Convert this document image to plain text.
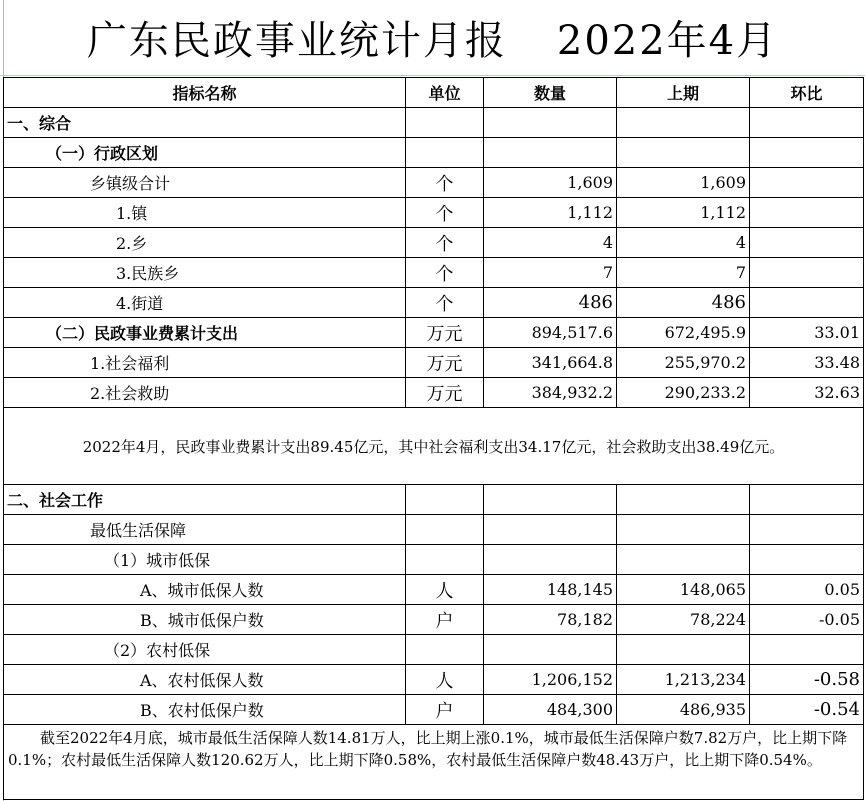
广东民政事业统计月报 2022年4月
指标名称	单位	数量	上期	环比
一、综合				
（一）行政区划				
乡镇级合计	个	1,609	1,609	
1.镇	个	1,112	1,112	
2.乡	个	4	4	
3.民族乡	个	7	7	
4.街道	个	486	486	
（二）民政事业费累计支出	万元	894,517.6	672,495.9	33.01
1.社会福利	万元	341,664.8	255,970.2	33.48
2.社会救助	万元	384,932.2	290,233.2	32.63
2022年4月，民政事业费累计支出89.45亿元，其中社会福利支出34.17亿元，社会救助支出38.49亿元。				
二、社会工作				
最低生活保障				
（1）城市低保				
A、城市低保人数	人	148,145	148,065	0.05
B、城市低保户数	户	78,182	78,224	-0.05
（2）农村低保				
A、农村低保人数	人	1,206,152	1,213,234	-0.58
B、农村低保户数	户	484,300	486,935	-0.54
截至2022年4月底，城市最低生活保障人数14.81万人，比上期上涨0.1%，城市最低生活保障户数7.82万户，比上期下降0.1%；农村最低生活保障人数120.62万人，比上期下降0.58%，农村最低生活保障户数48.43万户，比上期下降0.54%。				
